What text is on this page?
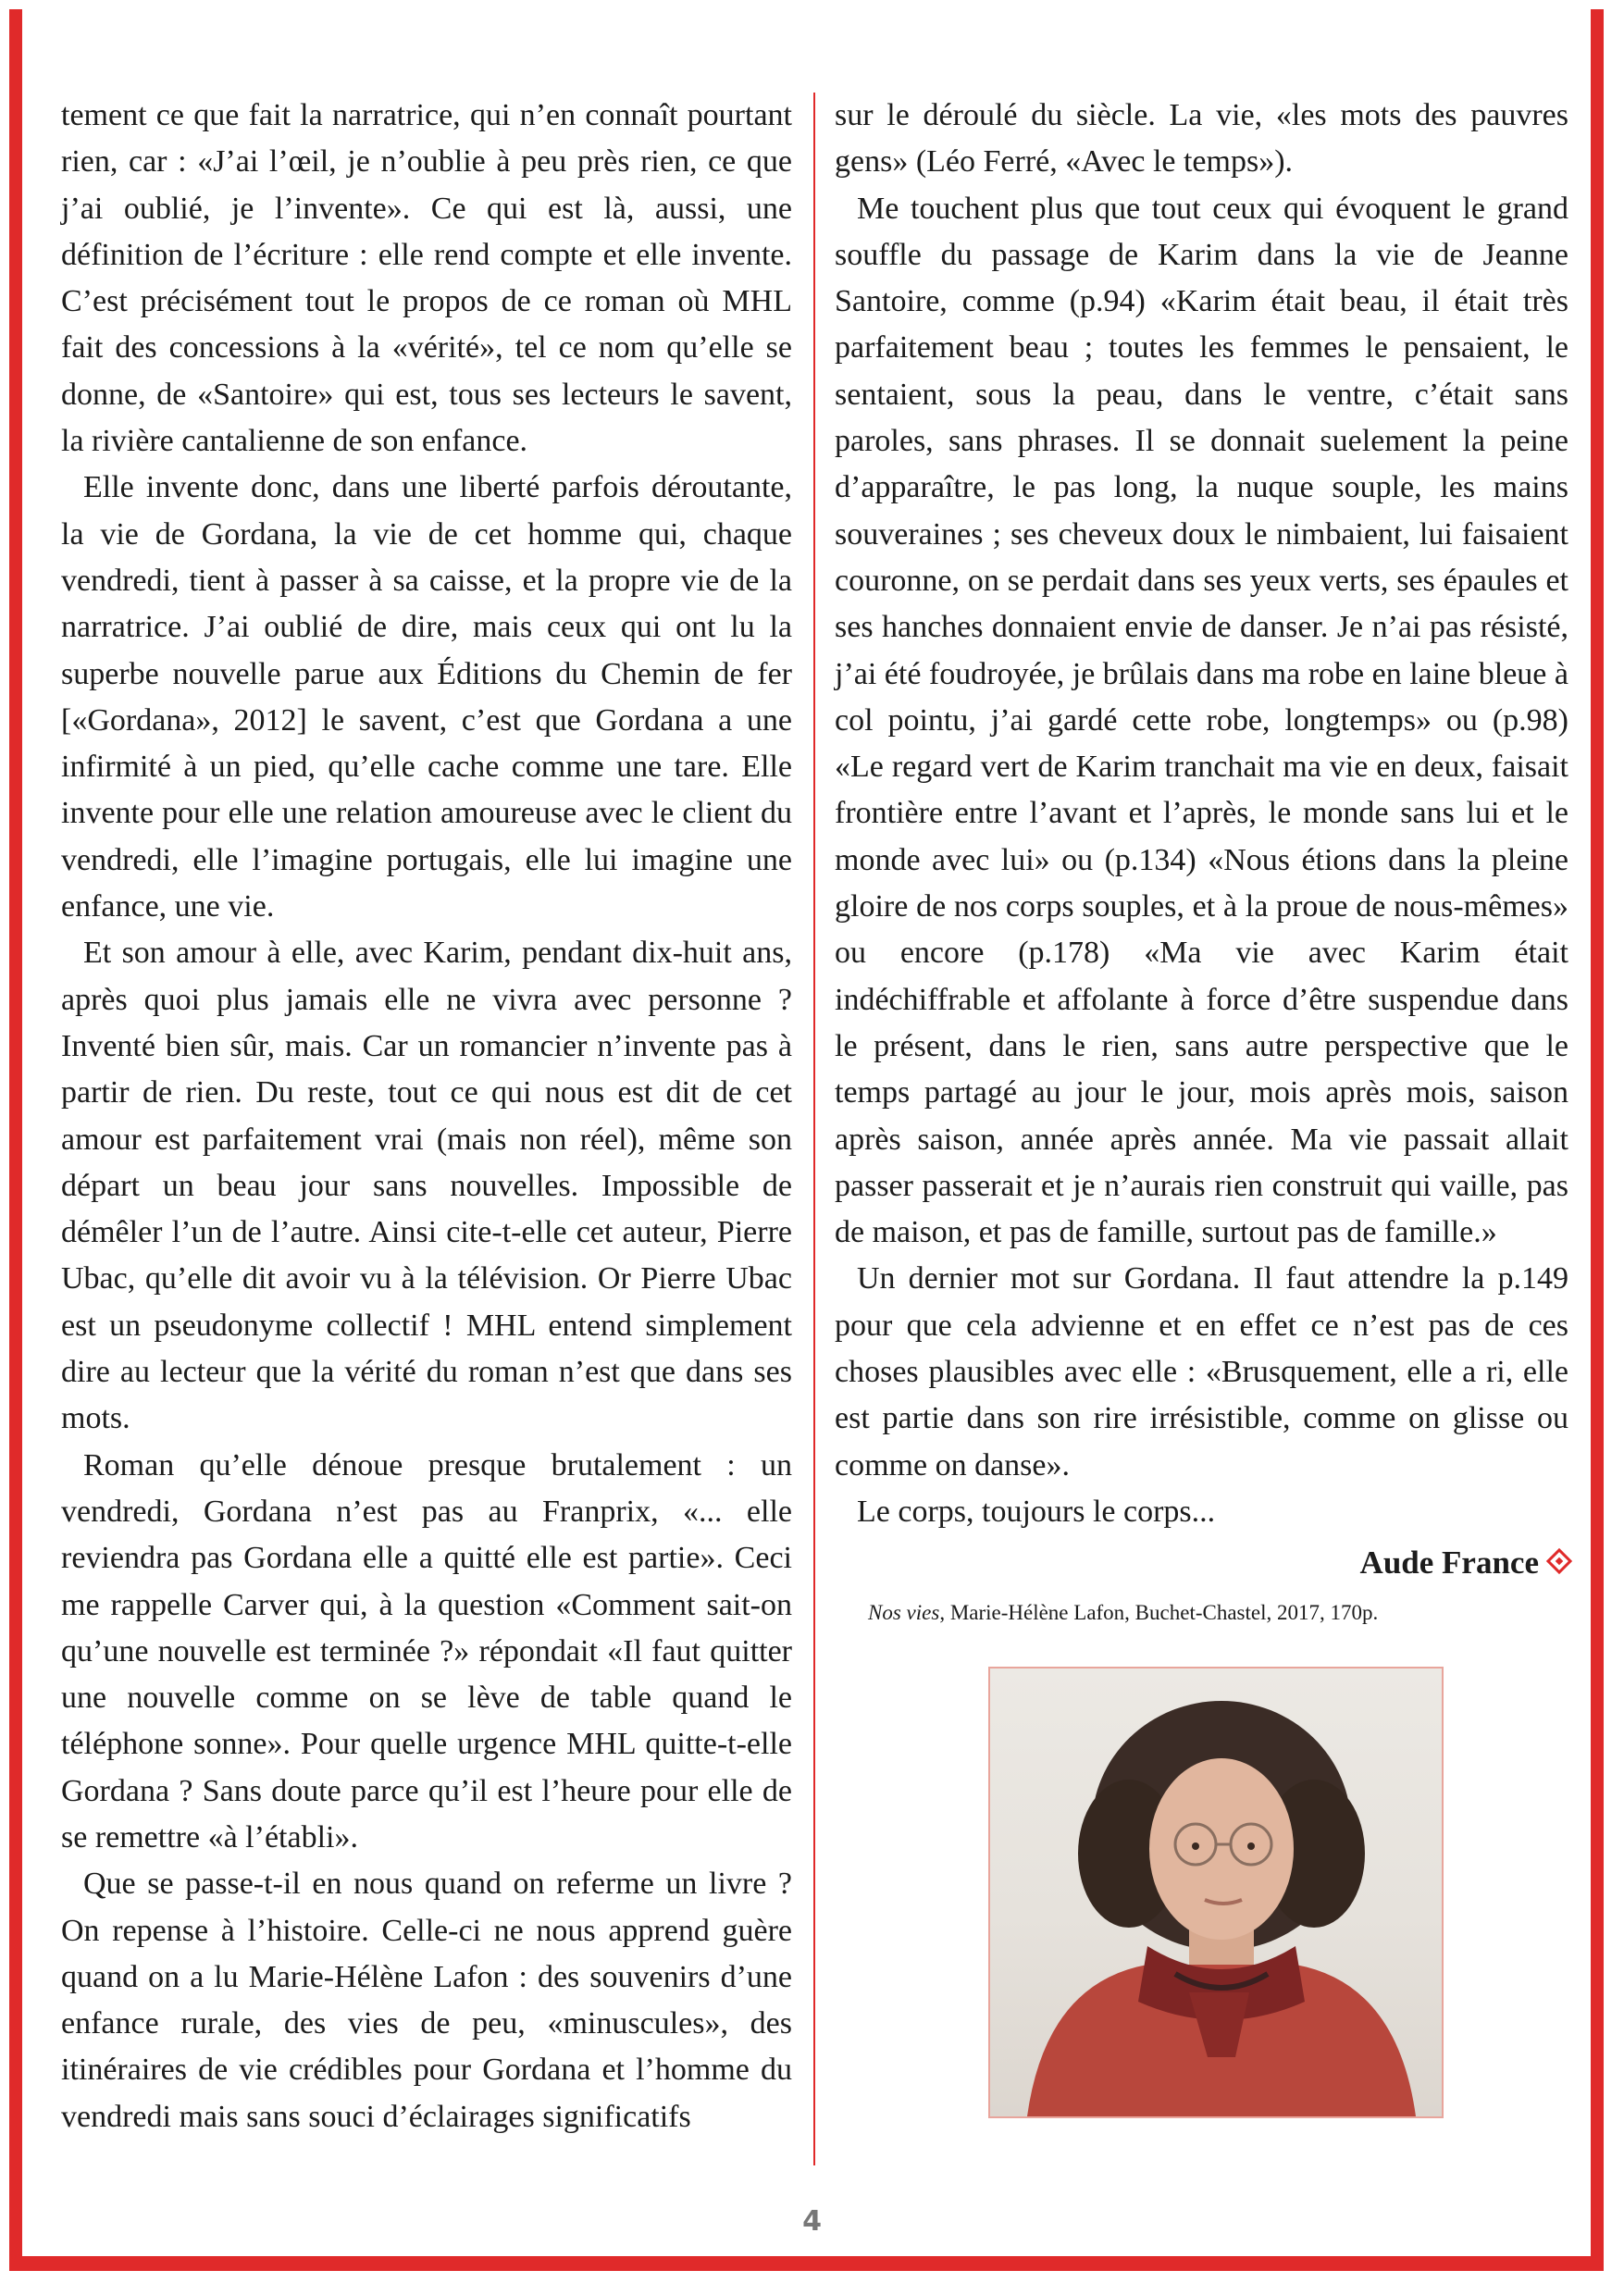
tement ce que fait la narratrice, qui n’en connaît pourtant rien, car : «J’ai l’œil, je n’oublie à peu près rien, ce que j’ai oublié, je l’invente». Ce qui est là, aussi, une définition de l’écriture : elle rend compte et elle invente. C’est précisément tout le propos de ce roman où MHL fait des concessions à la «vérité», tel ce nom qu’elle se donne, de «Santoire» qui est, tous ses lecteurs le savent, la rivière cantalienne de son enfance.

Elle invente donc, dans une liberté parfois déroutante, la vie de Gordana, la vie de cet homme qui, chaque vendredi, tient à passer à sa caisse, et la propre vie de la narratrice. J’ai oublié de dire, mais ceux qui ont lu la superbe nouvelle parue aux Éditions du Chemin de fer [«Gordana», 2012] le savent, c’est que Gordana a une infirmité à un pied, qu’elle cache comme une tare. Elle invente pour elle une relation amoureuse avec le client du vendredi, elle l’imagine portugais, elle lui imagine une enfance, une vie.

Et son amour à elle, avec Karim, pendant dix-huit ans, après quoi plus jamais elle ne vivra avec personne ? Inventé bien sûr, mais. Car un romancier n’invente pas à partir de rien. Du reste, tout ce qui nous est dit de cet amour est parfaitement vrai (mais non réel), même son départ un beau jour sans nouvelles. Impossible de démêler l’un de l’autre. Ainsi cite-t-elle cet auteur, Pierre Ubac, qu’elle dit avoir vu à la télévision. Or Pierre Ubac est un pseudonyme collectif ! MHL entend simplement dire au lecteur que la vérité du roman n’est que dans ses mots.

Roman qu’elle dénoue presque brutalement : un vendredi, Gordana n’est pas au Franprix, «... elle reviendra pas Gordana elle a quitté elle est partie». Ceci me rappelle Carver qui, à la question «Comment sait-on qu’une nouvelle est terminée ?» répondait «Il faut quitter une nouvelle comme on se lève de table quand le téléphone sonne». Pour quelle urgence MHL quitte-t-elle Gordana ? Sans doute parce qu’il est l’heure pour elle de se remettre «à l’établi».

Que se passe-t-il en nous quand on referme un livre ? On repense à l’histoire. Celle-ci ne nous apprend guère quand on a lu Marie-Hélène Lafon : des souvenirs d’une enfance rurale, des vies de peu, «minuscules», des itinéraires de vie crédibles pour Gordana et l’homme du vendredi mais sans souci d’éclairages significatifs

sur le déroulé du siècle. La vie, «les mots des pauvres gens» (Léo Ferré, «Avec le temps»).

Me touchent plus que tout ceux qui évoquent le grand souffle du passage de Karim dans la vie de Jeanne Santoire, comme (p.94) «Karim était beau, il était très parfaitement beau ; toutes les femmes le pensaient, le sentaient, sous la peau, dans le ventre, c’était sans paroles, sans phrases. Il se donnait suelement la peine d’apparaître, le pas long, la nuque souple, les mains souveraines ; ses cheveux doux le nimbaient, lui faisaient couronne, on se perdait dans ses yeux verts, ses épaules et ses hanches donnaient envie de danser. Je n’ai pas résisté, j’ai été foudroyée, je brûlais dans ma robe en laine bleue à col pointu, j’ai gardé cette robe, longtemps» ou (p.98) «Le regard vert de Karim tranchait ma vie en deux, faisait frontière entre l’avant et l’après, le monde sans lui et le monde avec lui» ou (p.134) «Nous étions dans la pleine gloire de nos corps souples, et à la proue de nous-mêmes» ou encore (p.178) «Ma vie avec Karim était indéchiffrable et affolante à force d’être suspendue dans le présent, dans le rien, sans autre perspective que le temps partagé au jour le jour, mois après mois, saison après saison, année après année. Ma vie passait allait passer passerait et je n’aurais rien construit qui vaille, pas de maison, et pas de famille, surtout pas de famille.»

Un dernier mot sur Gordana. Il faut attendre la p.149 pour que cela advienne et en effet ce n’est pas de ces choses plausibles avec elle : «Brusquement, elle a ri, elle est partie dans son rire irrésistible, comme on glisse ou comme on danse».

Le corps, toujours le corps...

Aude France
Nos vies, Marie-Hélène Lafon, Buchet-Chastel, 2017, 170p.
4
